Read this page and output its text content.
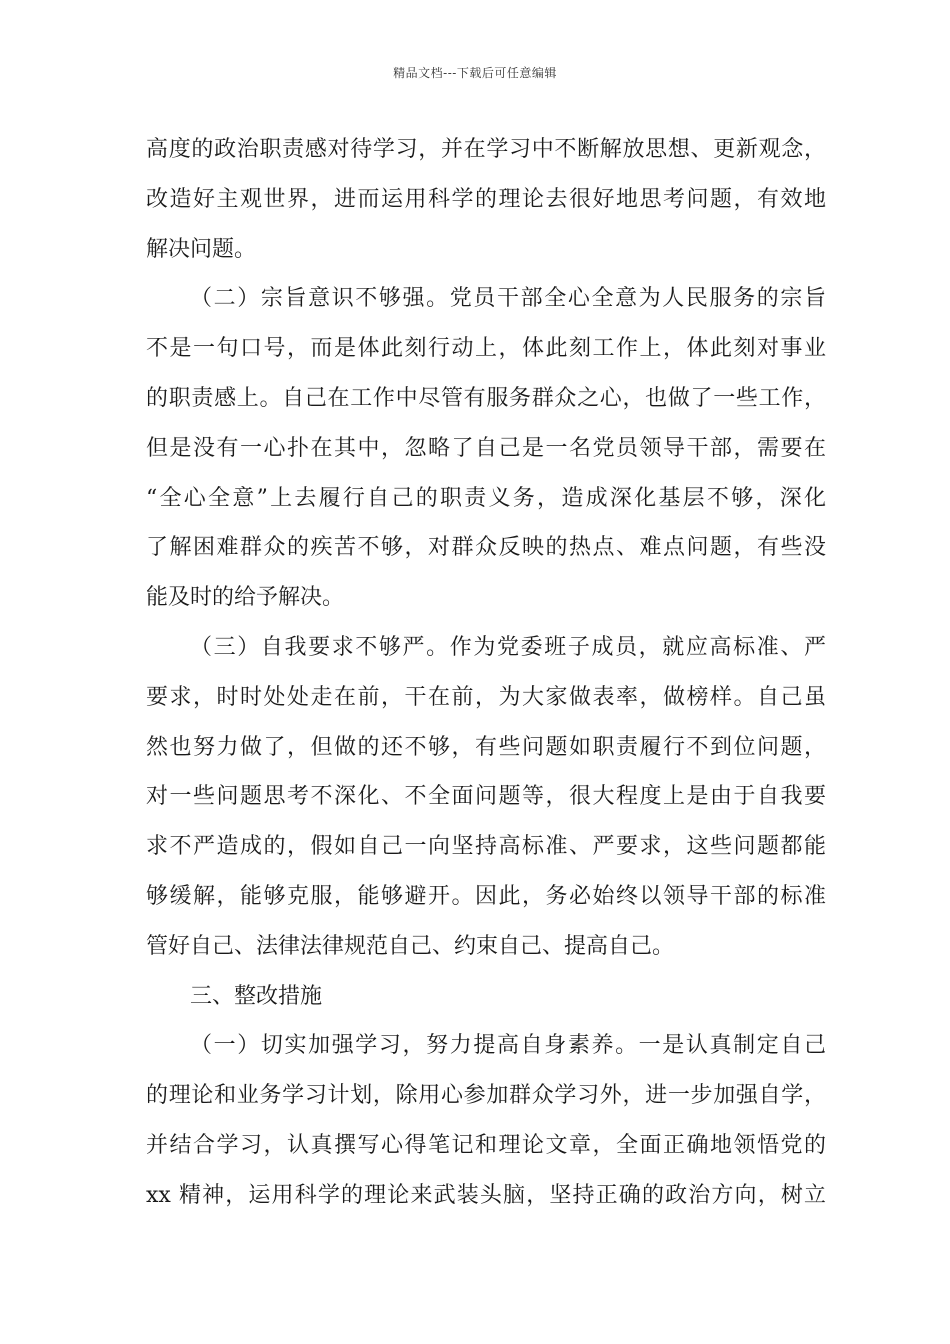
精品文档---下载后可任意编辑
高度的政治职责感对待学习，并在学习中不断解放思想、更新观念，
改造好主观世界，进而运用科学的理论去很好地思考问题，有效地
解决问题。
（二）宗旨意识不够强。党员干部全心全意为人民服务的宗旨
不是一句口号，而是体此刻行动上，体此刻工作上，体此刻对事业
的职责感上。自己在工作中尽管有服务群众之心，也做了一些工作，
但是没有一心扑在其中，忽略了自己是一名党员领导干部，需要在
“全心全意”上去履行自己的职责义务，造成深化基层不够，深化
了解困难群众的疾苦不够，对群众反映的热点、难点问题，有些没
能及时的给予解决。
（三）自我要求不够严。作为党委班子成员，就应高标准、严
要求，时时处处走在前，干在前，为大家做表率，做榜样。自己虽
然也努力做了，但做的还不够，有些问题如职责履行不到位问题，
对一些问题思考不深化、不全面问题等，很大程度上是由于自我要
求不严造成的，假如自己一向坚持高标准、严要求，这些问题都能
够缓解，能够克服，能够避开。因此，务必始终以领导干部的标准
管好自己、法律法律规范自己、约束自己、提高自己。
三、整改措施
（一）切实加强学习，努力提高自身素养。一是认真制定自己
的理论和业务学习计划，除用心参加群众学习外，进一步加强自学，
并结合学习，认真撰写心得笔记和理论文章，全面正确地领悟党的
xx 精神，运用科学的理论来武装头脑，坚持正确的政治方向，树立
